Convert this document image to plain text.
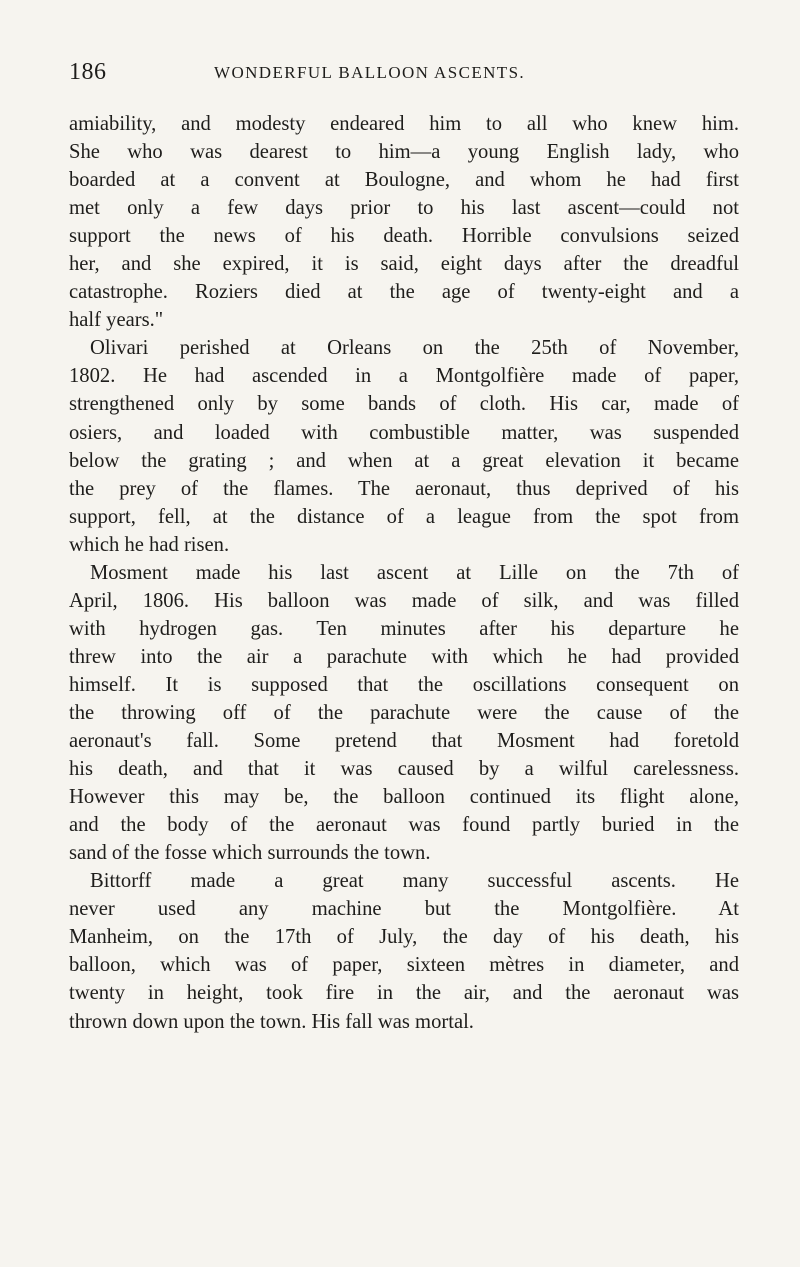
186	WONDERFUL BALLOON ASCENTS.
amiability, and modesty endeared him to all who knew him.
She who was dearest to him—a young English lady, who
boarded at a convent at Boulogne, and whom he had first
met only a few days prior to his last ascent—could not
support the news of his death. Horrible convulsions seized
her, and she expired, it is said, eight days after the dreadful
catastrophe. Roziers died at the age of twenty-eight and a
half years."
Olivari perished at Orleans on the 25th of November,
1802. He had ascended in a Montgolfière made of paper,
strengthened only by some bands of cloth. His car, made of
osiers, and loaded with combustible matter, was suspended
below the grating ; and when at a great elevation it became
the prey of the flames. The aeronaut, thus deprived of his
support, fell, at the distance of a league from the spot from
which he had risen.
Mosment made his last ascent at Lille on the 7th of
April, 1806. His balloon was made of silk, and was filled
with hydrogen gas. Ten minutes after his departure he
threw into the air a parachute with which he had provided
himself. It is supposed that the oscillations consequent on
the throwing off of the parachute were the cause of the
aeronaut's fall. Some pretend that Mosment had foretold
his death, and that it was caused by a wilful carelessness.
However this may be, the balloon continued its flight alone,
and the body of the aeronaut was found partly buried in the
sand of the fosse which surrounds the town.
Bittorff made a great many successful ascents. He
never used any machine but the Montgolfière. At
Manheim, on the 17th of July, the day of his death, his
balloon, which was of paper, sixteen mètres in diameter, and
twenty in height, took fire in the air, and the aeronaut was
thrown down upon the town. His fall was mortal.
